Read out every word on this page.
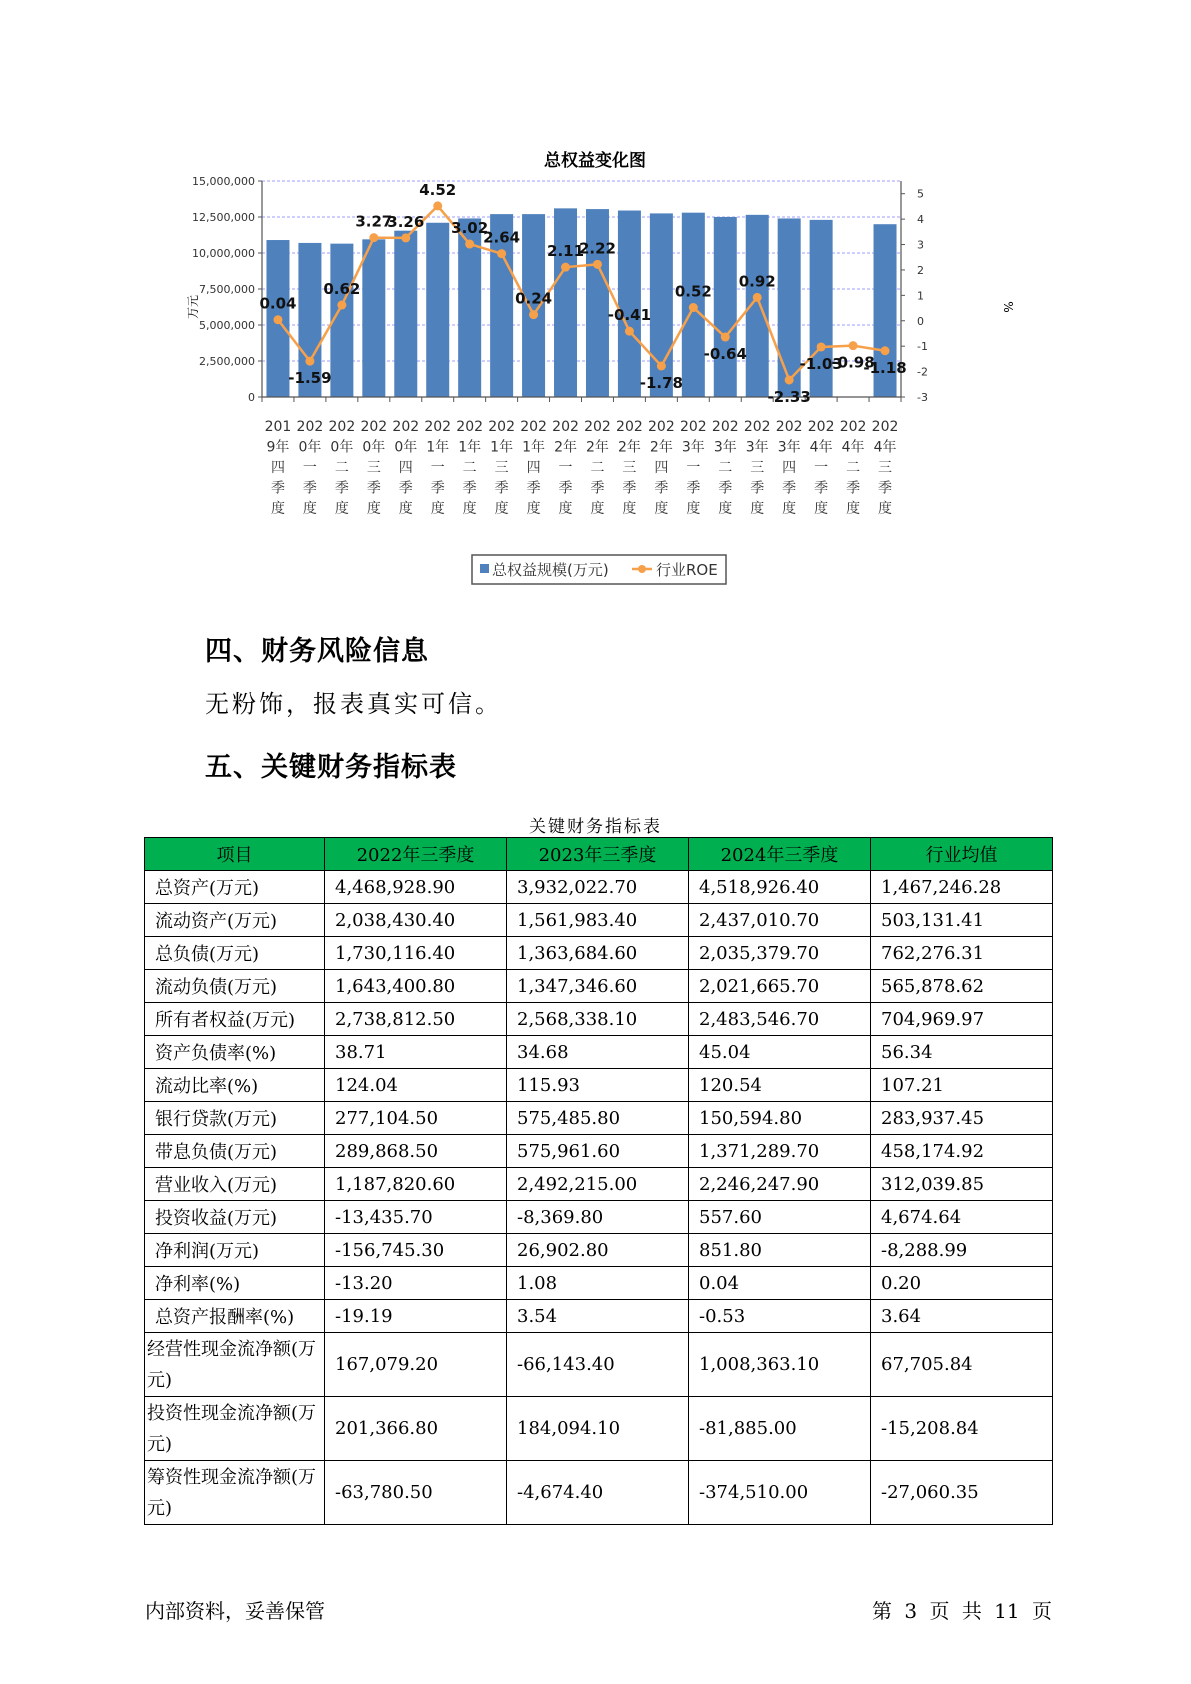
总权益变化图
0
2,500,000
5,000,000
7,500,000
10,000,000
12,500,000
15,000,000
-3
-2
-1
0
1
2
3
4
5
0.04
-1.59
0.62
3.27
3.26
4.52
3.02
2.64
0.24
2.11
2.22
-0.41
-1.78
0.52
-0.64
0.92
-2.33
-1.03
-0.98
-1.18
201
9年
四
季
度
202
0年
一
季
度
202
0年
二
季
度
202
0年
三
季
度
202
0年
四
季
度
202
1年
一
季
度
202
1年
二
季
度
202
1年
三
季
度
202
1年
四
季
度
202
2年
一
季
度
202
2年
二
季
度
202
2年
三
季
度
202
2年
四
季
度
202
3年
一
季
度
202
3年
二
季
度
202
3年
三
季
度
202
3年
四
季
度
202
4年
一
季
度
202
4年
二
季
度
202
4年
三
季
度
万元	%
总权益规模(万元)	行业ROE
四、财务风险信息
无粉饰，报表真实可信。
五、关键财务指标表
关键财务指标表
项目	2022年三季度	2023年三季度	2024年三季度	行业均值
总资产(万元)	4,468,928.90	3,932,022.70	4,518,926.40	1,467,246.28
流动资产(万元)	2,038,430.40	1,561,983.40	2,437,010.70	503,131.41
总负债(万元)	1,730,116.40	1,363,684.60	2,035,379.70	762,276.31
流动负债(万元)	1,643,400.80	1,347,346.60	2,021,665.70	565,878.62
所有者权益(万元)	2,738,812.50	2,568,338.10	2,483,546.70	704,969.97
资产负债率(%)	38.71	34.68	45.04	56.34
流动比率(%)	124.04	115.93	120.54	107.21
银行贷款(万元)	277,104.50	575,485.80	150,594.80	283,937.45
带息负债(万元)	289,868.50	575,961.60	1,371,289.70	458,174.92
营业收入(万元)	1,187,820.60	2,492,215.00	2,246,247.90	312,039.85
投资收益(万元)	-13,435.70	-8,369.80	557.60	4,674.64
净利润(万元)	-156,745.30	26,902.80	851.80	-8,288.99
净利率(%)	-13.20	1.08	0.04	0.20
总资产报酬率(%)	-19.19	3.54	-0.53	3.64
经营性现金流净额(万元)	167,079.20	-66,143.40	1,008,363.10	67,705.84
投资性现金流净额(万元)	201,366.80	184,094.10	-81,885.00	-15,208.84
筹资性现金流净额(万元)	-63,780.50	-4,674.40	-374,510.00	-27,060.35
内部资料，妥善保管	第 3 页 共 11 页
